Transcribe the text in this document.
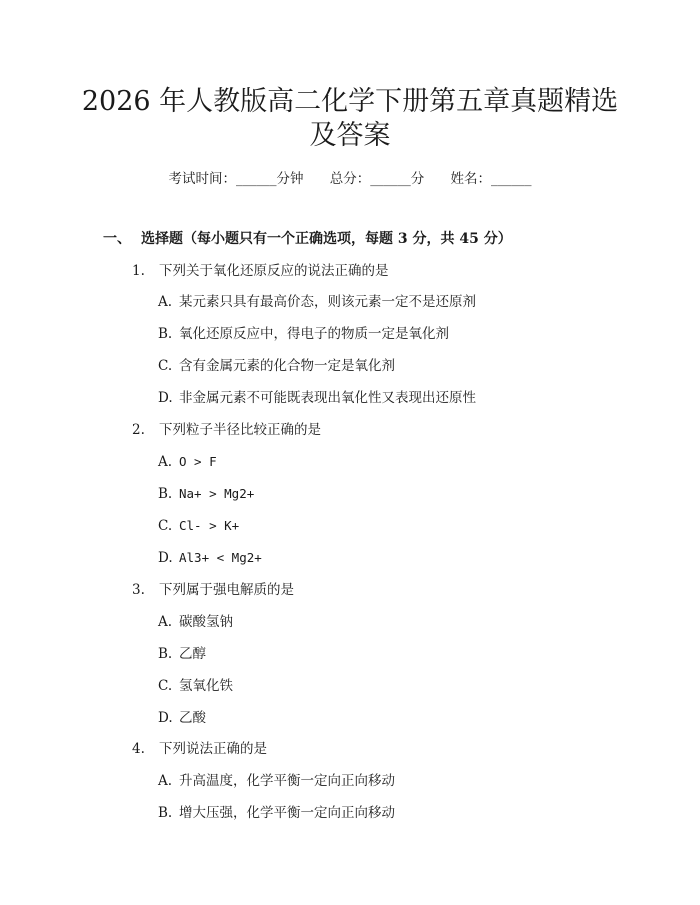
2026 年人教版高二化学下册第五章真题精选
及答案
考试时间：______分钟 总分：______分 姓名：______
一、 选择题（每小题只有一个正确选项，每题 3 分，共 45 分）
1. 下列关于氧化还原反应的说法正确的是
A. 某元素只具有最高价态，则该元素一定不是还原剂
B. 氧化还原反应中，得电子的物质一定是氧化剂
C. 含有金属元素的化合物一定是氧化剂
D. 非金属元素不可能既表现出氧化性又表现出还原性
2. 下列粒子半径比较正确的是
A. O > F
B. Na+ > Mg2+
C. Cl- > K+
D. Al3+ < Mg2+
3. 下列属于强电解质的是
A. 碳酸氢钠
B. 乙醇
C. 氢氧化铁
D. 乙酸
4. 下列说法正确的是
A. 升高温度，化学平衡一定向正向移动
B. 增大压强，化学平衡一定向正向移动
